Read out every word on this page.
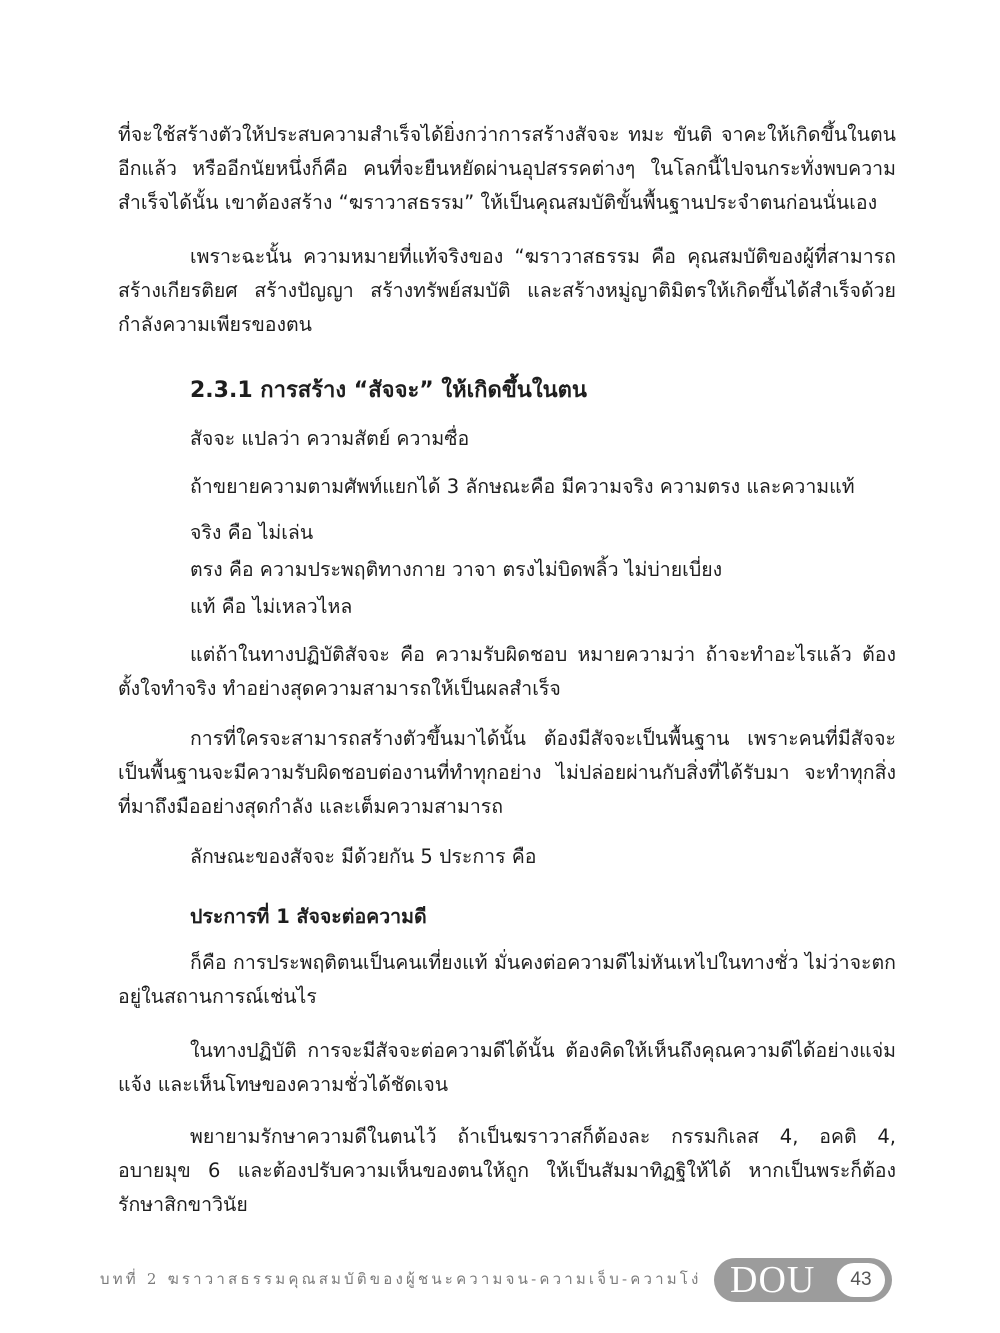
ที่จะใช้สร้างตัวให้ประสบความสำเร็จได้ยิ่งกว่าการสร้างสัจจะ ทมะ ขันติ จาคะให้เกิดขึ้นในตนอีกแล้ว หรืออีกนัยหนึ่งก็คือ คนที่จะยืนหยัดผ่านอุปสรรคต่างๆ ในโลกนี้ไปจนกระทั่งพบความสำเร็จได้นั้น เขาต้องสร้าง “ฆราวาสธรรม” ให้เป็นคุณสมบัติขั้นพื้นฐานประจำตนก่อนนั่นเอง

เพราะฉะนั้น ความหมายที่แท้จริงของ “ฆราวาสธรรม คือ คุณสมบัติของผู้ที่สามารถสร้างเกียรติยศ สร้างปัญญา สร้างทรัพย์สมบัติ และสร้างหมู่ญาติมิตรให้เกิดขึ้นได้สำเร็จด้วยกำลังความเพียรของตน

2.3.1 การสร้าง “สัจจะ” ให้เกิดขึ้นในตน

สัจจะ แปลว่า ความสัตย์ ความซื่อ

ถ้าขยายความตามศัพท์แยกได้ 3 ลักษณะคือ มีความจริง ความตรง และความแท้

จริง คือ ไม่เล่น

ตรง คือ ความประพฤติทางกาย วาจา ตรงไม่บิดพลิ้ว ไม่บ่ายเบี่ยง

แท้ คือ ไม่เหลวไหล

แต่ถ้าในทางปฏิบัติสัจจะ คือ ความรับผิดชอบ หมายความว่า ถ้าจะทำอะไรแล้ว ต้องตั้งใจทำจริง ทำอย่างสุดความสามารถให้เป็นผลสำเร็จ

การที่ใครจะสามารถสร้างตัวขึ้นมาได้นั้น ต้องมีสัจจะเป็นพื้นฐาน เพราะคนที่มีสัจจะเป็นพื้นฐานจะมีความรับผิดชอบต่องานที่ทำทุกอย่าง ไม่ปล่อยผ่านกับสิ่งที่ได้รับมา จะทำทุกสิ่งที่มาถึงมืออย่างสุดกำลัง และเต็มความสามารถ

ลักษณะของสัจจะ มีด้วยกัน 5 ประการ คือ

ประการที่ 1 สัจจะต่อความดี

ก็คือ การประพฤติตนเป็นคนเที่ยงแท้ มั่นคงต่อความดีไม่หันเหไปในทางชั่ว ไม่ว่าจะตกอยู่ในสถานการณ์เช่นไร

ในทางปฏิบัติ การจะมีสัจจะต่อความดีได้นั้น ต้องคิดให้เห็นถึงคุณความดีได้อย่างแจ่มแจ้ง และเห็นโทษของความชั่วได้ชัดเจน

พยายามรักษาความดีในตนไว้ ถ้าเป็นฆราวาสก็ต้องละ กรรมกิเลส 4, อคติ 4, อบายมุข 6 และต้องปรับความเห็นของตนให้ถูก ให้เป็นสัมมาทิฏฐิให้ได้ หากเป็นพระก็ต้องรักษาสิกขาวินัย

บทที่ 2 ฆราวาสธรรมคุณสมบัติของผู้ชนะความจน-ความเจ็บ-ความโง่ DOU	43
